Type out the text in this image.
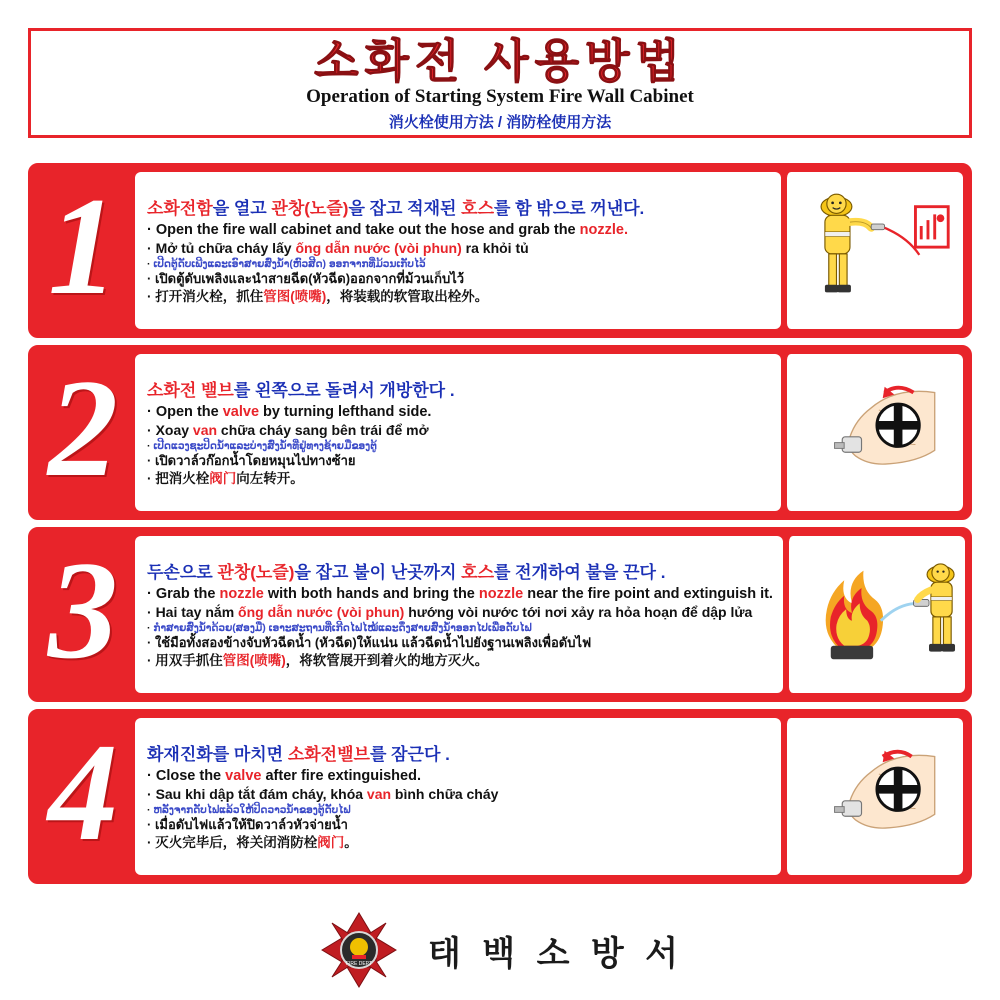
소화전 사용방법
Operation of Starting System Fire Wall Cabinet
消火栓使用方法 / 消防栓使用方法
1	소화전함을 열고 관창(노즐)을 잡고 적재된 호스를 함 밖으로 꺼낸다.
· Open the fire wall cabinet and take out the hose and grab the nozzle.
· Mở tủ chữa cháy lấy ống dẫn nước (vòi phun) ra khỏi tủ
· ເປີດຕູ້ດັບເພີງແລະເອົາສາຍສົ່ງນ້ຳ(ຫົວສີດ) ອອກຈາກທີ່ມ້ວນເກັບໄວ້
· เปิดตู้ดับเพลิงและนำสายฉีด(หัวฉีด)ออกจากที่ม้วนเก็บไว้
· 打开消火栓，抓住管图(喷嘴)，将装载的软管取出栓外。
2	소화전 밸브를 왼쪽으로 돌려서 개방한다 .
· Open the valve by turning lefthand side.
· Xoay van chữa cháy sang bên trái để mở
· ເປີດແວງຊະປິດນ້ຳແລະບ່າງສົ່ງນ້ຳທີ່ຢູ່ທາງຊ້າຍມືຂອງຕູ້
· เปิดวาล์วก๊อกน้ำโดยหมุนไปทางซ้าย
· 把消火栓阀门向左转开。
3	두손으로 관창(노즐)을 잡고 불이 난곳까지 호스를 전개하여 불을 끈다 .
· Grab the nozzle with both hands and bring the nozzle near the fire point and extinguish it.
· Hai tay nắm ống dẫn nước (vòi phun) hướng vòi nước tới nơi xảy ra hỏa hoạn để dập lửa
· ກຳສາຍສົ່ງນ້ຳດ້ວຍ(ສອງມື) ເອາະສະຖານທີ່ເກີດໄຟໄໝ້ແລະດຶງສາຍສົ່ງນ້ຳອອກໄປເພື່ອດັບໄຟ
· ใช้มือทั้งสองข้างจับหัวฉีดน้ำ (หัวฉีด)ให้แน่น แล้วฉีดน้ำไปยังฐานเพลิงเพื่อดับไฟ
· 用双手抓住管图(喷嘴)，将软管展开到着火的地方灭火。
4	화재진화를 마치면 소화전밸브를 잠근다 .
· Close the valve after fire extinguished.
· Sau khi dập tắt đám cháy, khóa van bình chữa cháy
· ຫລັງຈາກດັບໄຟແລ້ວໃຫ້ປິດວາວນ້ຳຂອງຕູ້ດັບໄຟ
· เมื่อดับไฟแล้วให้ปิดวาล์วหัวจ่ายน้ำ
· 灭火完毕后，将关闭消防栓阀门。
FIRE DEPT 태 백 소 방 서
